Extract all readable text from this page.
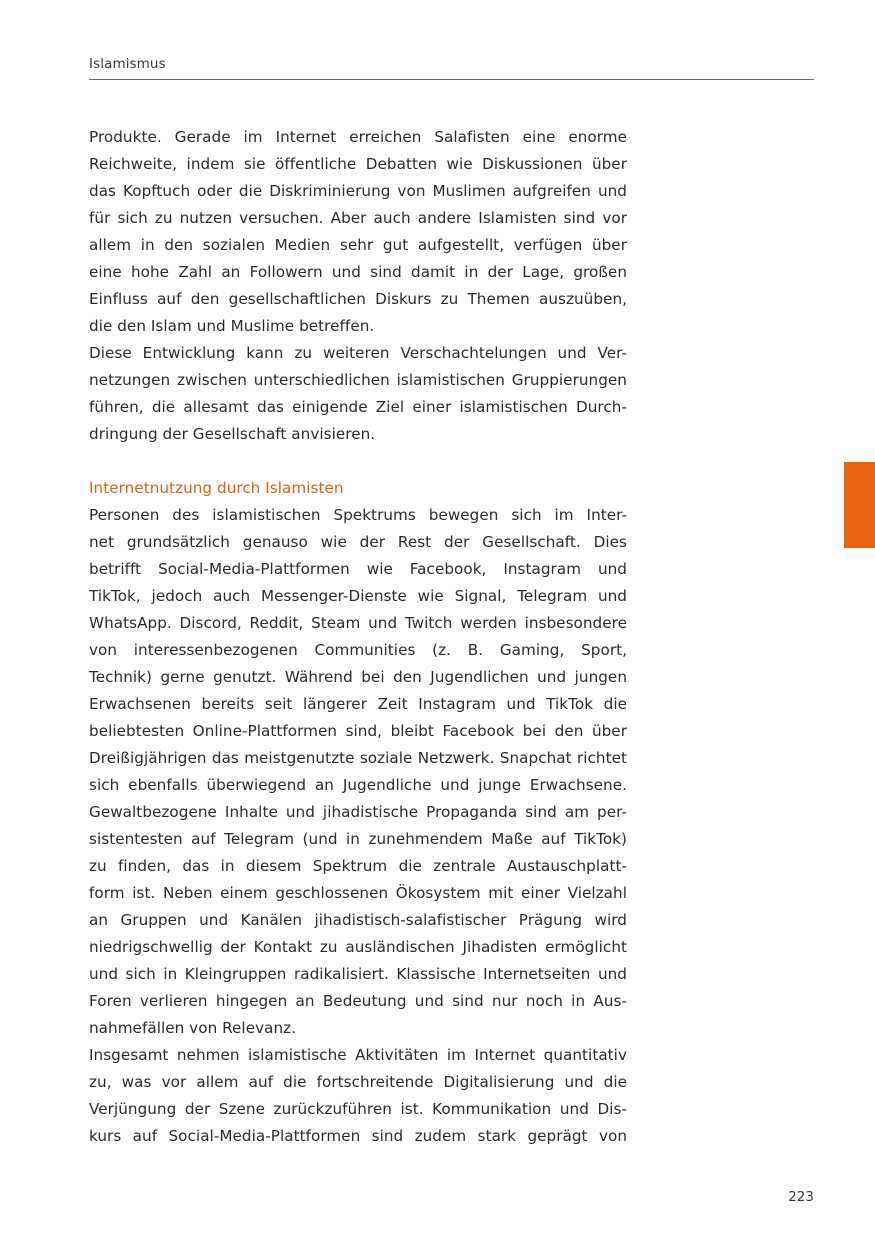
Islamismus

Produkte. Gerade im Internet erreichen Salafisten eine enorme
Reichweite, indem sie öffentliche Debatten wie Diskussionen über
das Kopftuch oder die Diskriminierung von Muslimen aufgreifen und
für sich zu nutzen versuchen. Aber auch andere Islamisten sind vor
allem in den sozialen Medien sehr gut aufgestellt, verfügen über
eine hohe Zahl an Followern und sind damit in der Lage, großen
Einfluss auf den gesellschaftlichen Diskurs zu Themen auszuüben,
die den Islam und Muslime betreffen.

Diese Entwicklung kann zu weiteren Verschachtelungen und Ver-
netzungen zwischen unterschiedlichen islamistischen Gruppierungen
führen, die allesamt das einigende Ziel einer islamistischen Durch-
dringung der Gesellschaft anvisieren.

Internetnutzung durch Islamisten

Personen des islamistischen Spektrums bewegen sich im Inter-
net grundsätzlich genauso wie der Rest der Gesellschaft. Dies
betrifft Social-Media-Plattformen wie Facebook, Instagram und
TikTok, jedoch auch Messenger-Dienste wie Signal, Telegram und
WhatsApp. Discord, Reddit, Steam und Twitch werden insbesondere
von interessenbezogenen Communities (z. B. Gaming, Sport,
Technik) gerne genutzt. Während bei den Jugendlichen und jungen
Erwachsenen bereits seit längerer Zeit Instagram und TikTok die
beliebtesten Online-Plattformen sind, bleibt Facebook bei den über
Dreißigjährigen das meistgenutzte soziale Netzwerk. Snapchat richtet
sich ebenfalls überwiegend an Jugendliche und junge Erwachsene.
Gewaltbezogene Inhalte und jihadistische Propaganda sind am per-
sistentesten auf Telegram (und in zunehmendem Maße auf TikTok)
zu finden, das in diesem Spektrum die zentrale Austauschplatt-
form ist. Neben einem geschlossenen Ökosystem mit einer Vielzahl
an Gruppen und Kanälen jihadistisch-salafistischer Prägung wird
niedrigschwellig der Kontakt zu ausländischen Jihadisten ermöglicht
und sich in Kleingruppen radikalisiert. Klassische Internetseiten und
Foren verlieren hingegen an Bedeutung und sind nur noch in Aus-
nahmefällen von Relevanz.

Insgesamt nehmen islamistische Aktivitäten im Internet quantitativ
zu, was vor allem auf die fortschreitende Digitalisierung und die
Verjüngung der Szene zurückzuführen ist. Kommunikation und Dis-
kurs auf Social-Media-Plattformen sind zudem stark geprägt von

223
